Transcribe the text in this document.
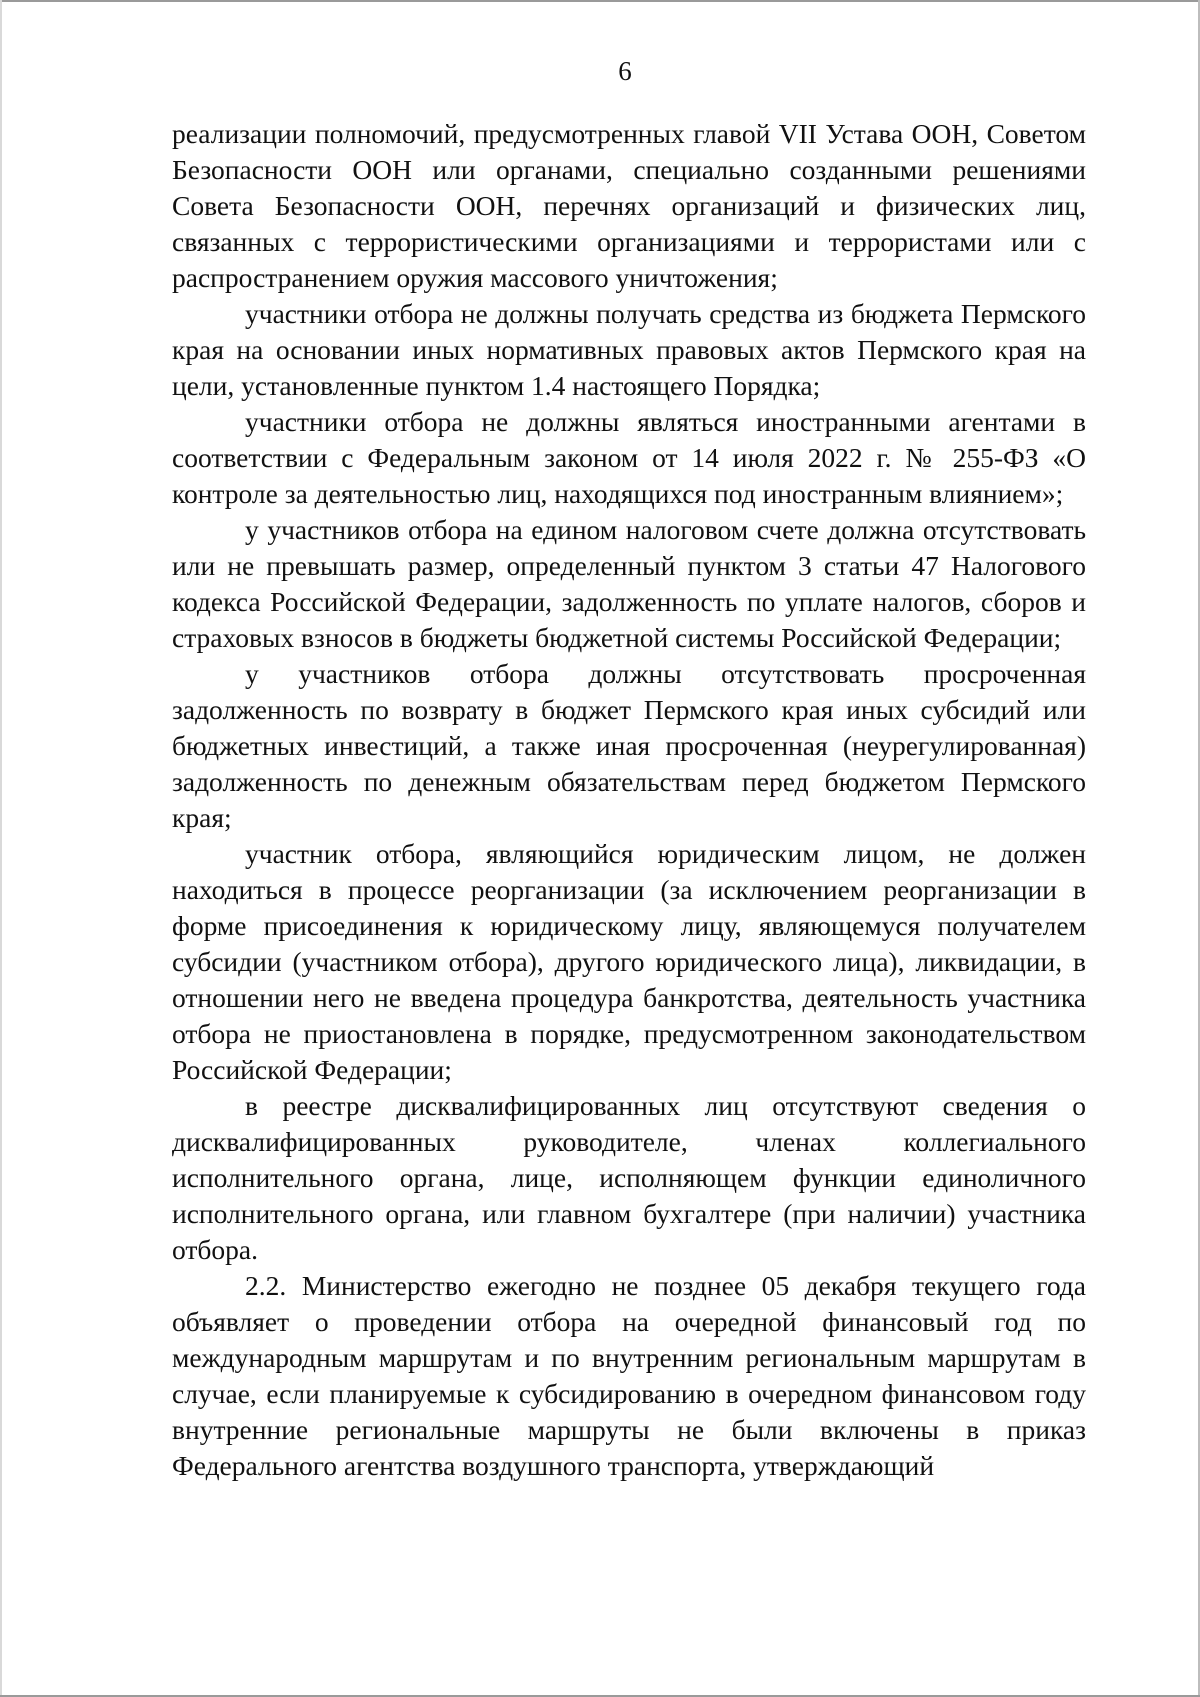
6

реализации полномочий, предусмотренных главой VII Устава ООН, Советом Безопасности ООН или органами, специально созданными решениями Совета Безопасности ООН, перечнях организаций и физических лиц, связанных с террористическими организациями и террористами или с распространением оружия массового уничтожения;

участники отбора не должны получать средства из бюджета Пермского края на основании иных нормативных правовых актов Пермского края на цели, установленные пунктом 1.4 настоящего Порядка;

участники отбора не должны являться иностранными агентами в соответствии с Федеральным законом от 14 июля 2022 г. № 255-ФЗ «О контроле за деятельностью лиц, находящихся под иностранным влиянием»;

у участников отбора на едином налоговом счете должна отсутствовать или не превышать размер, определенный пунктом 3 статьи 47 Налогового кодекса Российской Федерации, задолженность по уплате налогов, сборов и страховых взносов в бюджеты бюджетной системы Российской Федерации;

у участников отбора должны отсутствовать просроченная задолженность по возврату в бюджет Пермского края иных субсидий или бюджетных инвестиций, а также иная просроченная (неурегулированная) задолженность по денежным обязательствам перед бюджетом Пермского края;

участник отбора, являющийся юридическим лицом, не должен находиться в процессе реорганизации (за исключением реорганизации в форме присоединения к юридическому лицу, являющемуся получателем субсидии (участником отбора), другого юридического лица), ликвидации, в отношении него не введена процедура банкротства, деятельность участника отбора не приостановлена в порядке, предусмотренном законодательством Российской Федерации;

в реестре дисквалифицированных лиц отсутствуют сведения о дисквалифицированных руководителе, членах коллегиального исполнительного органа, лице, исполняющем функции единоличного исполнительного органа, или главном бухгалтере (при наличии) участника отбора.

2.2. Министерство ежегодно не позднее 05 декабря текущего года объявляет о проведении отбора на очередной финансовый год по международным маршрутам и по внутренним региональным маршрутам в случае, если планируемые к субсидированию в очередном финансовом году внутренние региональные маршруты не были включены в приказ Федерального агентства воздушного транспорта, утверждающий
